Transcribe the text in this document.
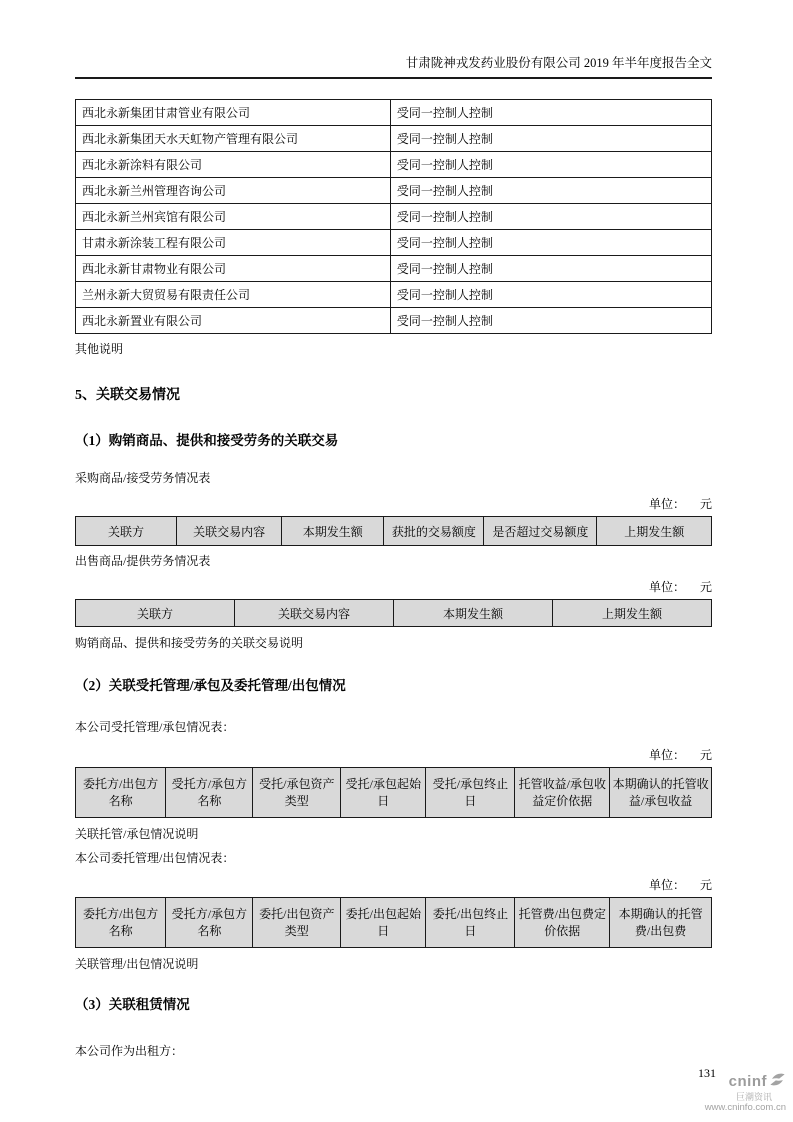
甘肃陇神戎发药业股份有限公司 2019 年半年度报告全文
西北永新集团甘肃管业有限公司	受同一控制人控制
西北永新集团天水天虹物产管理有限公司	受同一控制人控制
西北永新涂料有限公司	受同一控制人控制
西北永新兰州管理咨询公司	受同一控制人控制
西北永新兰州宾馆有限公司	受同一控制人控制
甘肃永新涂装工程有限公司	受同一控制人控制
西北永新甘肃物业有限公司	受同一控制人控制
兰州永新大贸贸易有限责任公司	受同一控制人控制
西北永新置业有限公司	受同一控制人控制
其他说明
5、关联交易情况
（1）购销商品、提供和接受劳务的关联交易
采购商品/接受劳务情况表
单位： 元
关联方	关联交易内容	本期发生额	获批的交易额度	是否超过交易额度	上期发生额
出售商品/提供劳务情况表
单位： 元
关联方	关联交易内容	本期发生额	上期发生额
购销商品、提供和接受劳务的关联交易说明
（2）关联受托管理/承包及委托管理/出包情况
本公司受托管理/承包情况表：
单位： 元
委托方/出包方名称	受托方/承包方名称	受托/承包资产类型	受托/承包起始日	受托/承包终止日	托管收益/承包收益定价依据	本期确认的托管收益/承包收益
关联托管/承包情况说明
本公司委托管理/出包情况表：
单位： 元
委托方/出包方名称	受托方/承包方名称	委托/出包资产类型	委托/出包起始日	委托/出包终止日	托管费/出包费定价依据	本期确认的托管费/出包费
关联管理/出包情况说明
（3）关联租赁情况
本公司作为出租方：
131 cninf
巨潮资讯
www.cninfo.com.cn
